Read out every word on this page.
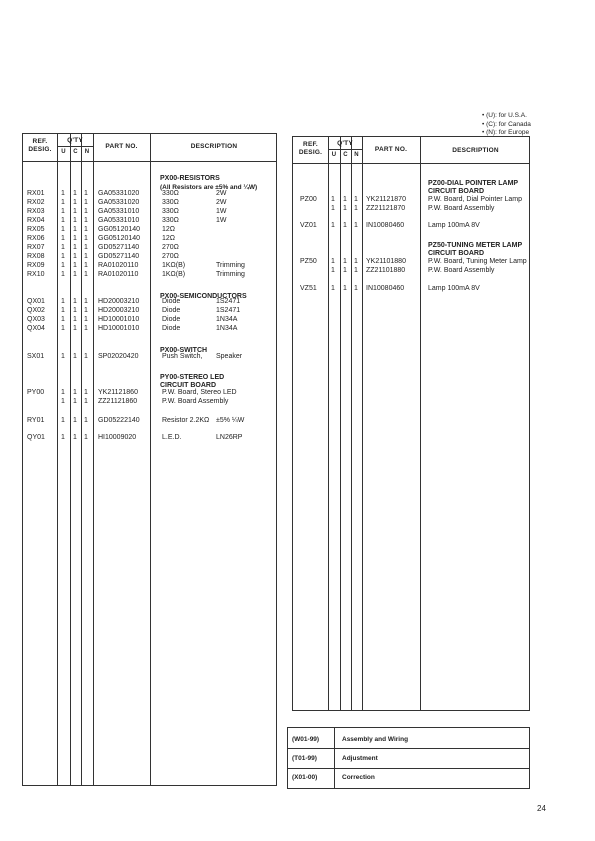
• (U): for U.S.A.
• (C): for Canada
• (N): for Europe
REF.
DESIG.
Q'TY
U	C	N
PART NO.	DESCRIPTION
PX00-RESISTORS
(All Resistors are ±5% and ¼W)
PX00-SEMICONDUCTORS
PX00-SWITCH
PY00-STEREO LED
CIRCUIT BOARD
RX01	1	1	1	GA05331020	330Ω	2W
RX02	1	1	1	GA05331020	330Ω	2W
RX03	1	1	1	GA05331010	330Ω	1W
RX04	1	1	1	GA05331010	330Ω	1W
RX05	1	1	1	GG05120140	12Ω
RX06	1	1	1	GG05120140	12Ω
RX07	1	1	1	GD05271140	270Ω
RX08	1	1	1	GD05271140	270Ω
RX09	1	1	1	RA01020110	1KΩ(B)	Trimming
RX10	1	1	1	RA01020110	1KΩ(B)	Trimming
QX01	1	1	1	HD20003210	Diode	1S2471
QX02	1	1	1	HD20003210	Diode	1S2471
QX03	1	1	1	HD10001010	Diode	1N34A
QX04	1	1	1	HD10001010	Diode	1N34A
SX01	1	1	1	SP02020420	Push Switch, Speaker
PY00	1	1	1	YK21121860	P.W. Board, Stereo LED
1	1	1	ZZ21121860	P.W. Board Assembly
RY01	1	1	1	GD05222140	Resistor 2.2KΩ ±5% ¼W
QY01	1	1	1	HI10009020	L.E.D.	LN26RP
REF.
DESIG.
Q'TY
U	C	N
PART NO.	DESCRIPTION
PZ00-DIAL POINTER LAMP
CIRCUIT BOARD
PZ50-TUNING METER LAMP
CIRCUIT BOARD
PZ00	1	1	1	YK21121870	P.W. Board, Dial Pointer Lamp
1	1	1	ZZ21121870	P.W. Board Assembly
VZ01	1	1	1	IN10080460	Lamp 100mA 8V
PZ50	1	1	1	YK21101880	P.W. Board, Tuning Meter Lamp
1	1	1	ZZ21101880	P.W. Board Assembly
VZ51	1	1	1	IN10080460	Lamp 100mA 8V
(W01-99)	Assembly and Wiring
(T01-99)	Adjustment
(X01-00)	Correction
24
